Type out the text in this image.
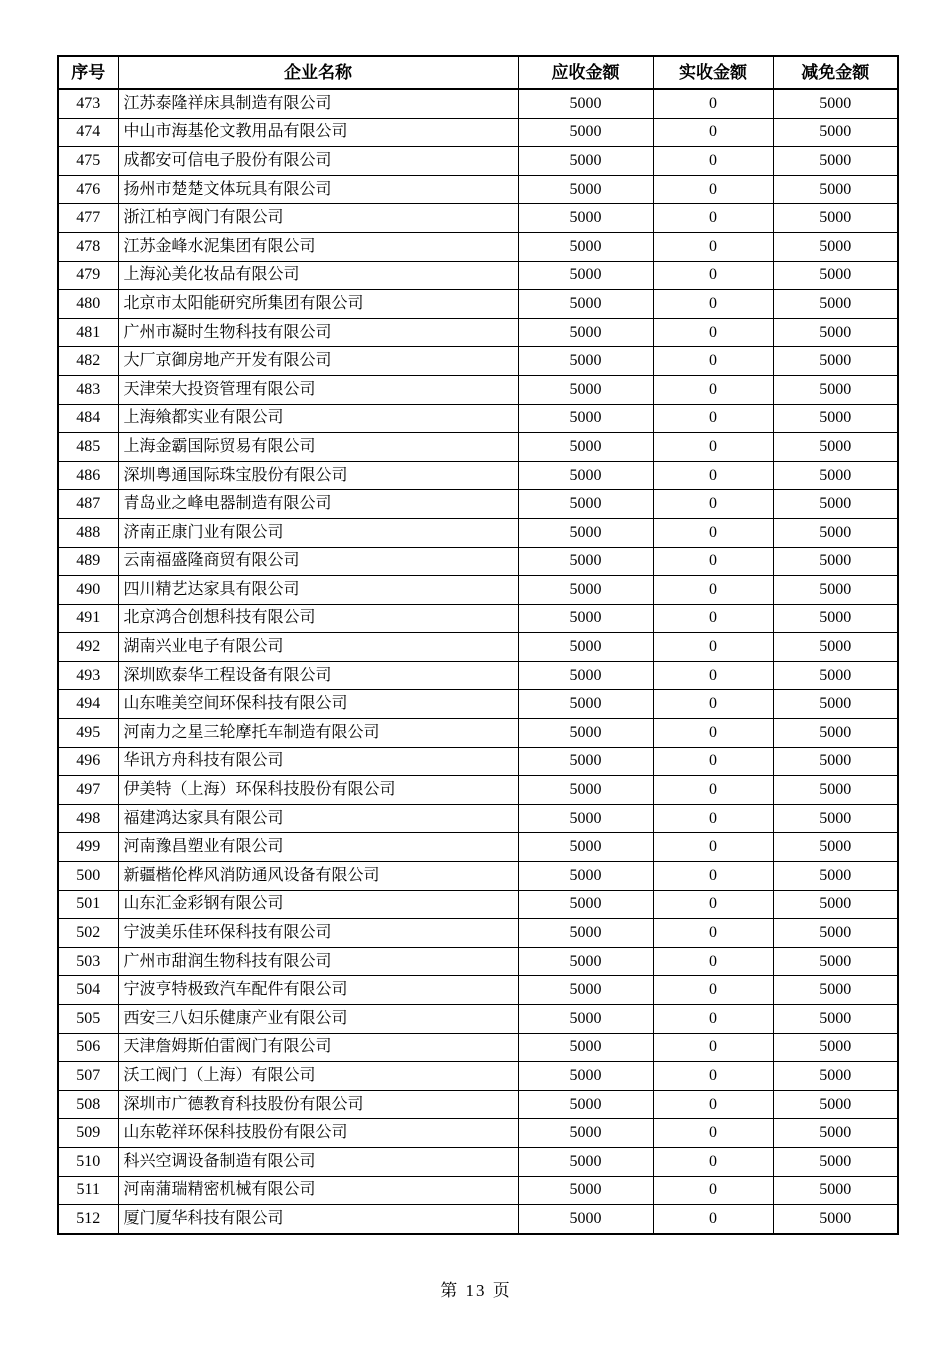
序号	企业名称	应收金额	实收金额	减免金额
473	江苏泰隆祥床具制造有限公司	5000	0	5000
474	中山市海基伦文教用品有限公司	5000	0	5000
475	成都安可信电子股份有限公司	5000	0	5000
476	扬州市楚楚文体玩具有限公司	5000	0	5000
477	浙江柏亨阀门有限公司	5000	0	5000
478	江苏金峰水泥集团有限公司	5000	0	5000
479	上海沁美化妆品有限公司	5000	0	5000
480	北京市太阳能研究所集团有限公司	5000	0	5000
481	广州市凝时生物科技有限公司	5000	0	5000
482	大厂京御房地产开发有限公司	5000	0	5000
483	天津荣大投资管理有限公司	5000	0	5000
484	上海飨都实业有限公司	5000	0	5000
485	上海金霸国际贸易有限公司	5000	0	5000
486	深圳粤通国际珠宝股份有限公司	5000	0	5000
487	青岛业之峰电器制造有限公司	5000	0	5000
488	济南正康门业有限公司	5000	0	5000
489	云南福盛隆商贸有限公司	5000	0	5000
490	四川精艺达家具有限公司	5000	0	5000
491	北京鸿合创想科技有限公司	5000	0	5000
492	湖南兴业电子有限公司	5000	0	5000
493	深圳欧泰华工程设备有限公司	5000	0	5000
494	山东唯美空间环保科技有限公司	5000	0	5000
495	河南力之星三轮摩托车制造有限公司	5000	0	5000
496	华讯方舟科技有限公司	5000	0	5000
497	伊美特（上海）环保科技股份有限公司	5000	0	5000
498	福建鸿达家具有限公司	5000	0	5000
499	河南豫昌塑业有限公司	5000	0	5000
500	新疆楷伦桦风消防通风设备有限公司	5000	0	5000
501	山东汇金彩钢有限公司	5000	0	5000
502	宁波美乐佳环保科技有限公司	5000	0	5000
503	广州市甜润生物科技有限公司	5000	0	5000
504	宁波亨特极致汽车配件有限公司	5000	0	5000
505	西安三八妇乐健康产业有限公司	5000	0	5000
506	天津詹姆斯伯雷阀门有限公司	5000	0	5000
507	沃工阀门（上海）有限公司	5000	0	5000
508	深圳市广德教育科技股份有限公司	5000	0	5000
509	山东乾祥环保科技股份有限公司	5000	0	5000
510	科兴空调设备制造有限公司	5000	0	5000
511	河南蒲瑞精密机械有限公司	5000	0	5000
512	厦门厦华科技有限公司	5000	0	5000
第 13 页
